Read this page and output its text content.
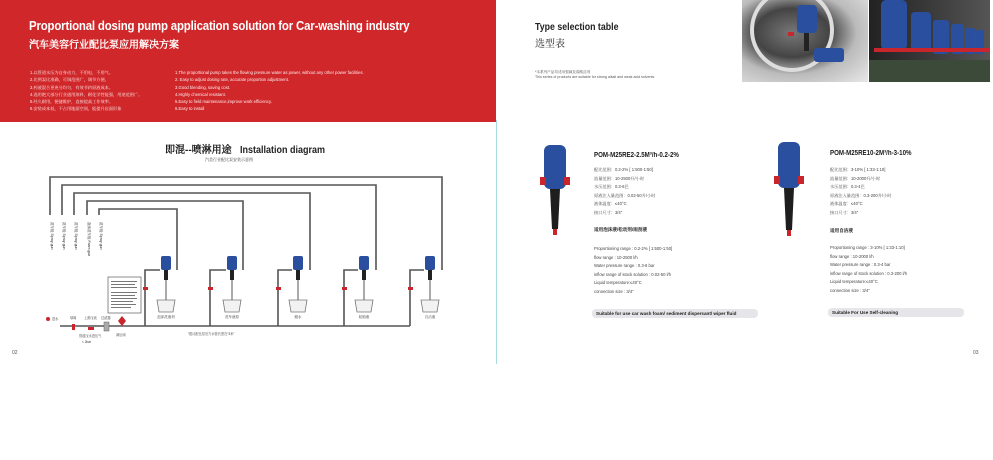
Proportional dosing pump application solution for Car-washing industry
汽车美容行业配比泵应用解决方案
1.以管道水压为自身动力，不用电，不用气。
2.比例泵比准确，可调范围广，调节方便。
3.药液混合更充分均匀，有效节约原液成本。
4.选用绝大部分行业通用浓料，耐化学性能强，用途范围广。
5.经久耐用，便捷维护，直接提高工作效率。
6.安装成本低，不占用地面空间，能提升店面形象
1.The proportional pump takes the flowing pressure water as power, without any other power facilities.
2. Easy to adjust dosing rate, accurate proportion adjustment.
3.Good blending, saving cost.
4.Highly chemical resistant.
5.Easy to field maintenance,improve work efficiency.
6.Easy to install
即混--喷淋用途 Installation diagram
汽美行业配比泵安装示意图
洗车枪 Spray gun 洗车枪 Spray gun 洗车枪 Spray gun	泡沫洗车枪 Foam gun 洗车枪 Spray gun
泡沫洗液剂	洗车液原	蜡水	轮胎液	自洁液
进水	球阀 上游压表 过滤器
减压阀
管道压水进压气
< 2bar
“建议配比泵后方水管长度在“3米”
02
Type selection table
选型表
*本系列产品均适用强碱及弱酸溶剂
This series of products are suitable for strong alkali and weak acid solvents
POM-M25RE2-2.5M³/h-0.2-2%
配比范围：0.2-2% [ 1:500-1:50]
流量范围：10-2500升/小时
水压范围：0.3-6巴
原液注入量范围：0.02-50升/小时
液体温度：≤40°C
接口尺寸：3/4"
适用泡沫液/松动剂/雨刮液
Proportioning range : 0.2-2% [ 1:500-1:50]
flow range : 10-2500 l/h
Water pressure range : 0.3-6 bar
inflow range of stock solution : 0.02-50 l/h
Liquid temperature:≤40°C
connection size : 3/4"
Suitable for use car wash foam/ sediment dispersant/ wiper fluid
POM-M25RE10-2M³/h-3-10%
配比范围：3-10% [ 1:33-1:10]
流量范围：10-2000升/小时
水压范围：0.3-4巴
原液注入量范围：0.3-200升/小时
液体温度：≤40°C
接口尺寸：3/4"
适用自洁液
Proportioning range : 3-10% [ 1:33-1:10]
flow range : 10-2000 l/h
Water pressure range : 0.3-4 bar
inflow range of stock solution : 0.3-200 l/h
Liquid temperature:≤40°C
connection size : 3/4"
Suitable For Use Self-cleaning
03
